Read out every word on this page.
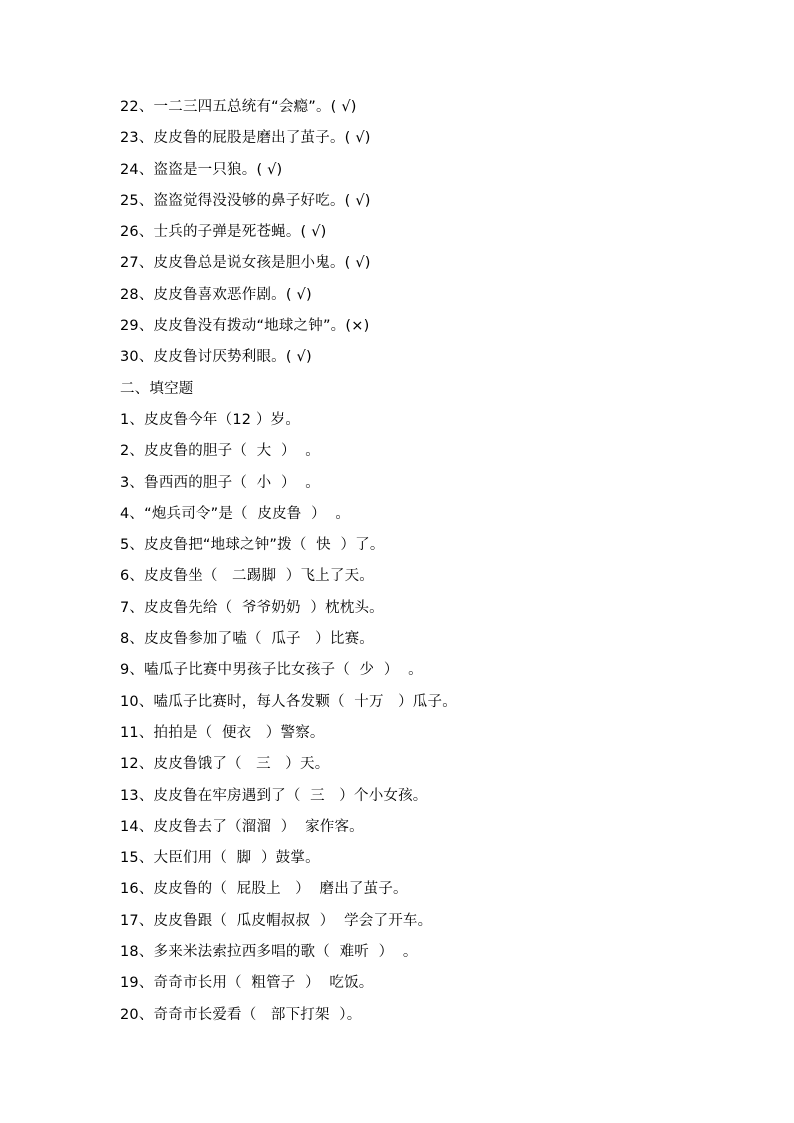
22、一二三四五总统有“会瘾”。( √)
23、皮皮鲁的屁股是磨出了茧子。( √)
24、盗盗是一只狼。( √)
25、盗盗觉得没没够的鼻子好吃。( √)
26、士兵的子弹是死苍蝇。( √)
27、皮皮鲁总是说女孩是胆小鬼。( √)
28、皮皮鲁喜欢恶作剧。( √)
29、皮皮鲁没有拨动“地球之钟”。(×)
30、皮皮鲁讨厌势利眼。( √)
二、填空题
1、皮皮鲁今年（12 ）岁。
2、皮皮鲁的胆子（  大  ）  。
3、鲁西西的胆子（  小  ）  。
4、“炮兵司令”是（  皮皮鲁  ）  。
5、皮皮鲁把“地球之钟”拨（  快  ）了。
6、皮皮鲁坐（   二踢脚  ）飞上了天。
7、皮皮鲁先给（  爷爷奶奶  ）枕枕头。
8、皮皮鲁参加了嗑（  瓜子   ）比赛。
9、嗑瓜子比赛中男孩子比女孩子（  少  ）  。
10、嗑瓜子比赛时，每人各发颗（  十万   ）瓜子。
11、拍拍是（  便衣   ）警察。
12、皮皮鲁饿了（   三   ）天。
13、皮皮鲁在牢房遇到了（  三   ）个小女孩。
14、皮皮鲁去了（溜溜  ）  家作客。
15、大臣们用（  脚  ）鼓掌。
16、皮皮鲁的（  屁股上   ）  磨出了茧子。
17、皮皮鲁跟（  瓜皮帽叔叔  ）  学会了开车。
18、多来米法索拉西多唱的歌（  难听  ）  。
19、奇奇市长用（  粗管子  ）  吃饭。
20、奇奇市长爱看（   部下打架  ）。
